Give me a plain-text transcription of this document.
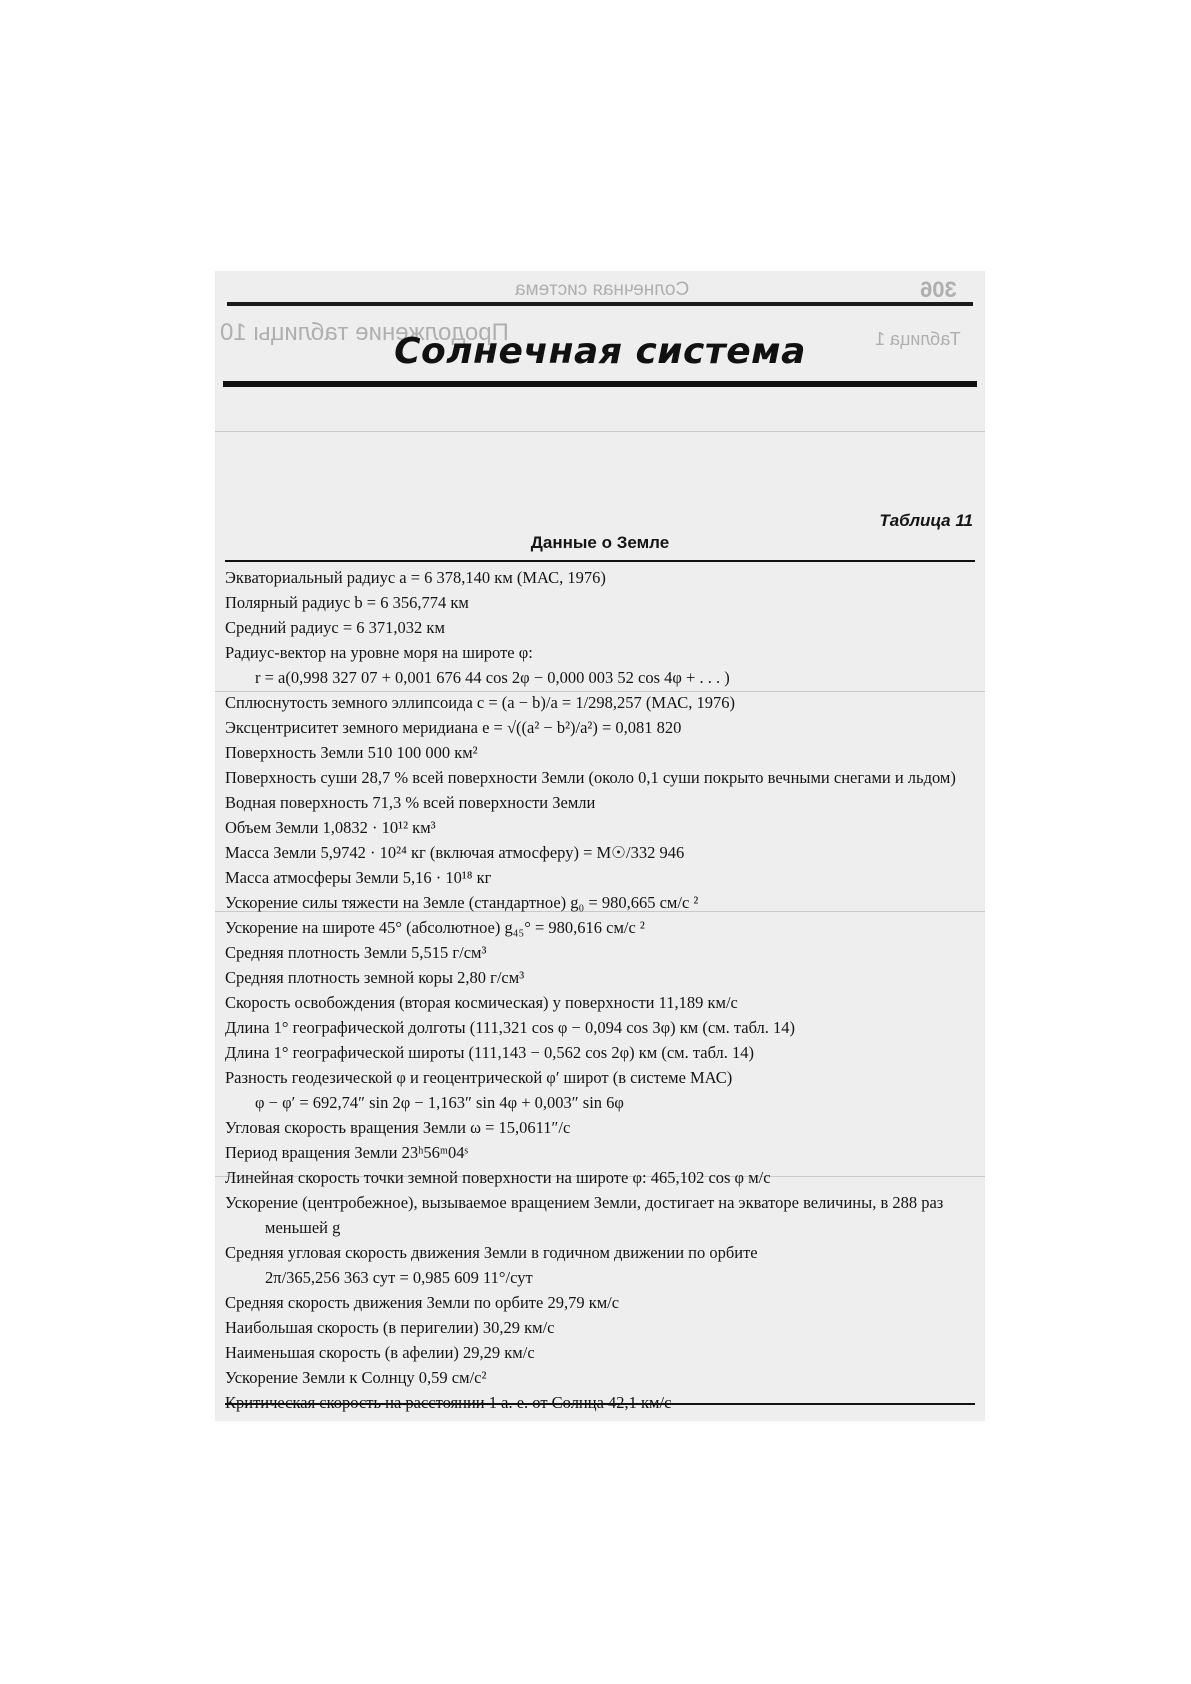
Солнечная система	306
Таблица 1
Продолжение таблицы 10
Солнечная система
Таблица 11
Данные о Земле
Экваториальный радиус a = 6 378,140 км (МАС, 1976)
Полярный радиус b = 6 356,774 км
Средний радиус = 6 371,032 км
Радиус-вектор на уровне моря на широте φ:
r = a(0,998 327 07 + 0,001 676 44 cos 2φ − 0,000 003 52 cos 4φ + . . . )
Сплюснутость земного эллипсоида c = (a − b)/a = 1/298,257 (МАС, 1976)
Эксцентриситет земного меридиана e = √((a² − b²)/a²) = 0,081 820
Поверхность Земли 510 100 000 км²
Поверхность суши 28,7 % всей поверхности Земли (около 0,1 суши покрыто вечными снегами и льдом)
Водная поверхность 71,3 % всей поверхности Земли
Объем Земли 1,0832 · 10¹² км³
Масса Земли 5,9742 · 10²⁴ кг (включая атмосферу) = M☉/332 946
Масса атмосферы Земли 5,16 · 10¹⁸ кг
Ускорение силы тяжести на Земле (стандартное) g₀ = 980,665 см/с ²
Ускорение на широте 45° (абсолютное) g₄₅° = 980,616 см/с ²
Средняя плотность Земли 5,515 г/см³
Средняя плотность земной коры 2,80 г/см³
Скорость освобождения (вторая космическая) у поверхности 11,189 км/с
Длина 1° географической долготы (111,321 cos φ − 0,094 cos 3φ) км (см. табл. 14)
Длина 1° географической широты (111,143 − 0,562 cos 2φ) км (см. табл. 14)
Разность геодезической φ и геоцентрической φ′ широт (в системе МАС)
φ − φ′ = 692,74″ sin 2φ − 1,163″ sin 4φ + 0,003″ sin 6φ
Угловая скорость вращения Земли ω = 15,0611″/с
Период вращения Земли 23ʰ56ᵐ04ˢ
Линейная скорость точки земной поверхности на широте φ: 465,102 cos φ м/с
Ускорение (центробежное), вызываемое вращением Земли, достигает на экваторе величины, в 288 раз меньшей g
Средняя угловая скорость движения Земли в годичном движении по орбите
2π/365,256 363 сут = 0,985 609 11°/сут
Средняя скорость движения Земли по орбите 29,79 км/с
Наибольшая скорость (в перигелии) 30,29 км/с
Наименьшая скорость (в афелии) 29,29 км/с
Ускорение Земли к Солнцу 0,59 см/с²
